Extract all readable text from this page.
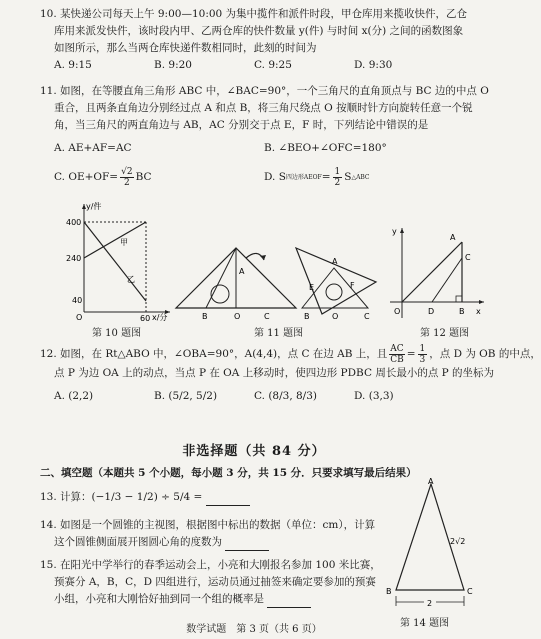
10. 某快递公司每天上午 9:00—10:00 为集中揽件和派件时段，甲仓库用来揽收快件，乙仓
库用来派发快件，该时段内甲、乙两仓库的快件数量 y(件) 与时间 x(分) 之间的函数图象
如图所示，那么当两仓库快递件数相同时，此刻的时间为
A. 9:15	B. 9:20	C. 9:25	D. 9:30
11. 如图，在等腰直角三角形 ABC 中，∠BAC=90°，一个三角尺的直角顶点与 BC 边的中点 O
重合，且两条直角边分别经过点 A 和点 B，将三角尺绕点 O 按顺时针方向旋转任意一个锐
角，当三角尺的两直角边与 AB，AC 分别交于点 E，F 时，下列结论中错误的是
A. AE+AF=AC	B. ∠BEO+∠OFC=180°
C. $OE+OF= \frac{√2}{2}$ BC	D. S 四边形AEOF = $\frac{1}{2}$ S △ABC
y/件
400
240
40
O	60 x/分
甲
乙
第 10 题图
A
B	O	C
A
E	F
B	O	C
第 11 题图
y
A
C
D
O	B x
第 12 题图
12. 如图，在 Rt△ABO 中，∠OBA=90°，A(4,4)，点 C 在边 AB 上，且 $\frac{AC}{CB} = \frac{1}{3}$ ，点 D 为 OB 的中点，
点 P 为边 OA 上的动点，当点 P 在 OA 上移动时，使四边形 PDBC 周长最小的点 P 的坐标为
A. (2,2)	B. (5/2, 5/2)	C. (8/3, 8/3)	D. (3,3)
非选择题（共 84 分）
二、填空题（本题共 5 个小题，每小题 3 分，共 15 分．只要求填写最后结果）
13. 计算：(−1/3 − 1/2) ÷ 5/4 =
14. 如图是一个圆锥的主视图，根据图中标出的数据（单位：cm），计算
这个圆锥侧面展开图圆心角的度数为
15. 在阳光中学举行的春季运动会上，小亮和大刚报名参加 100 米比赛，
预赛分 A，B，C，D 四组进行，运动员通过抽签来确定要参加的预赛
小组，小亮和大刚恰好抽到同一个组的概率是
A
2√2
B	C
2
第 14 题图
数学试题　第 3 页（共 6 页）
